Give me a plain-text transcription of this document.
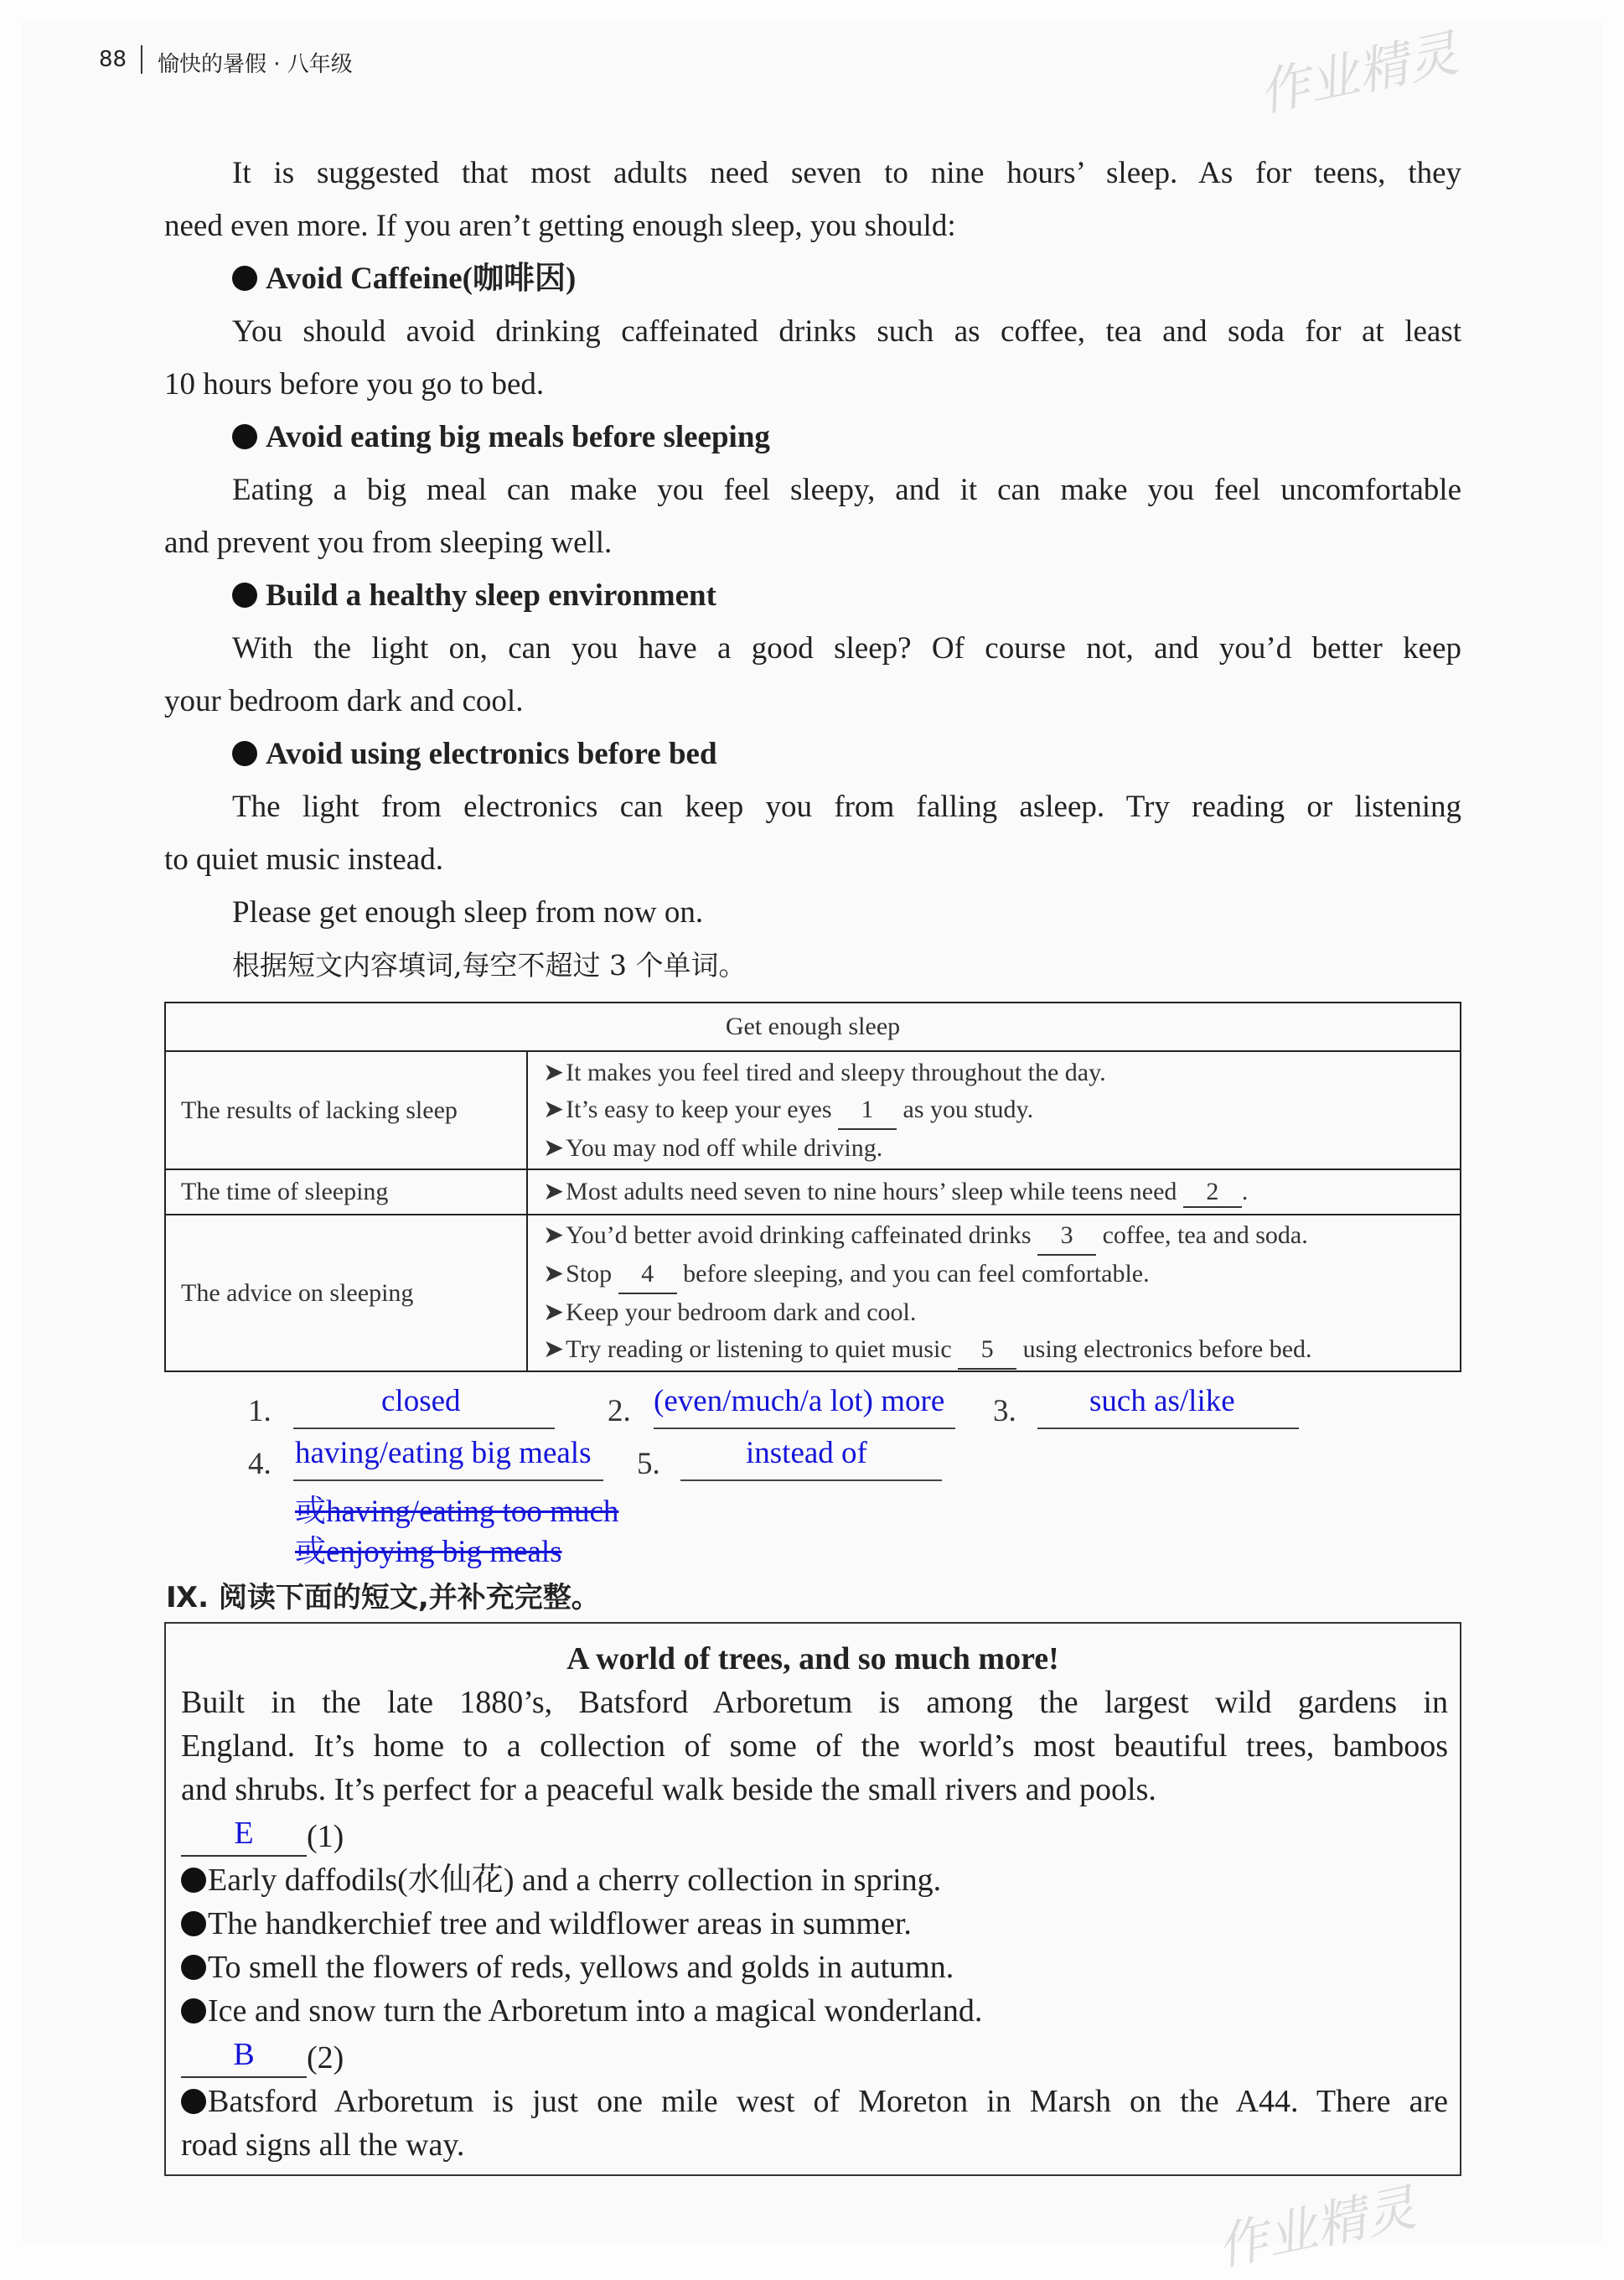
88 愉快的暑假 · 八年级	作业精灵
作业精灵
It is suggested that most adults need seven to nine hours’ sleep. As for teens, they
need even more. If you aren’t getting enough sleep, you should:
Avoid Caffeine(咖啡因)
You should avoid drinking caffeinated drinks such as coffee, tea and soda for at least
10 hours before you go to bed.
Avoid eating big meals before sleeping
Eating a big meal can make you feel sleepy, and it can make you feel uncomfortable
and prevent you from sleeping well.
Build a healthy sleep environment
With the light on, can you have a good sleep? Of course not, and you’d better keep
your bedroom dark and cool.
Avoid using electronics before bed
The light from electronics can keep you from falling asleep. Try reading or listening
to quiet music instead.
Please get enough sleep from now on.
根据短文内容填词,每空不超过 3 个单词。
Get enough sleep	
The results of lacking sleep	➤It makes you feel tired and sleepy throughout the day.
➤It’s easy to keep your eyes 1 as you study.
➤You may nod off while driving.

The time of sleeping	➤Most adults need seven to nine hours’ sleep while teens need 2 .
The advice on sleeping	➤You’d better avoid drinking caffeinated drinks 3 coffee, tea and soda.
➤Stop 4 before sleeping, and you can feel comfortable.
➤Keep your bedroom dark and cool.
➤Try reading or listening to quiet music 5 using electronics before bed.
1.	closed	2. (even/much/a lot) more 3. such as/like
4. having/eating big meals 5.	instead of
或having/eating too much
或enjoying big meals
Ⅸ. 阅读下面的短文,并补充完整。
A world of trees, and so much more!
Built in the late 1880’s, Batsford Arboretum is among the largest wild gardens in
England. It’s home to a collection of some of the world’s most beautiful trees, bamboos
and shrubs. It’s perfect for a peaceful walk beside the small rivers and pools.
E (1)
Early daffodils(水仙花) and a cherry collection in spring.
The handkerchief tree and wildflower areas in summer.
To smell the flowers of reds, yellows and golds in autumn.
Ice and snow turn the Arboretum into a magical wonderland.
B (2)
Batsford Arboretum is just one mile west of Moreton in Marsh on the A44. There are
road signs all the way.
